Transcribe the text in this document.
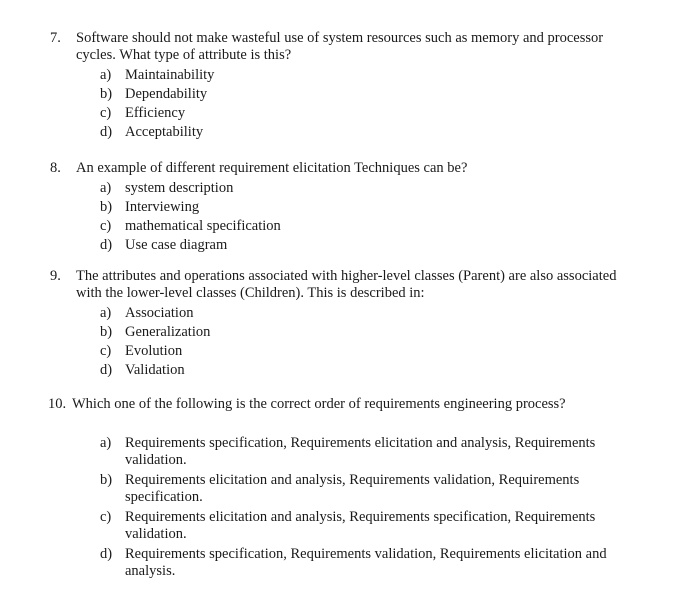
7.	Software should not make wasteful use of system resources such as memory and processor cycles. What type of attribute is this?
a) Maintainability
b) Dependability
c) Efficiency
d) Acceptability
8.	An example of different requirement elicitation Techniques can be?
a) system description
b) Interviewing
c) mathematical specification
d) Use case diagram
9.	The attributes and operations associated with higher-level classes (Parent) are also associated with the lower-level classes (Children). This is described in:
a) Association
b) Generalization
c) Evolution
d) Validation
10. Which one of the following is the correct order of requirements engineering process?
a) Requirements specification, Requirements elicitation and analysis, Requirements validation.
b) Requirements elicitation and analysis, Requirements validation, Requirements specification.
c) Requirements elicitation and analysis, Requirements specification, Requirements validation.
d) Requirements specification, Requirements validation, Requirements elicitation and analysis.
